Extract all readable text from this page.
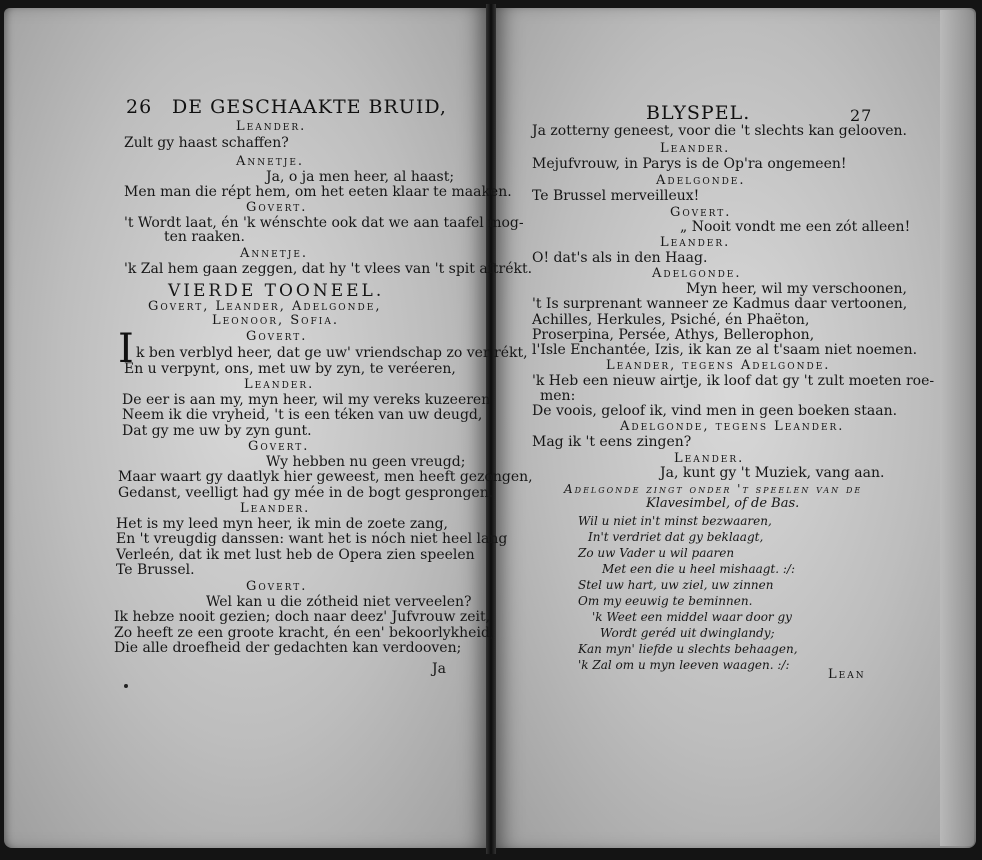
26 DE GESCHAAKTE BRUID,
Leander.
Zult gy haast schaffen?
Annetje.
Ja, o ja men heer, al haast;
Men man die répt hem, om het eeten klaar te maaken.
Govert.
't Wordt laat, én 'k wénschte ook dat we aan taafel mog-
ten raaken.
Annetje.
'k Zal hem gaan zeggen, dat hy 't vlees van 't spit aftrékt.
VIERDE TOONEEL.
Govert, Leander, Adelgonde,
Leonoor, Sofia.
Govert.
I k ben verblyd heer, dat ge uw' vriendschap zo ver rékt,
En u verpynt, ons, met uw by zyn, te veréeren,
Leander.
De eer is aan my, myn heer, wil my vereks kuzeeren
Neem ik die vryheid, 't is een téken van uw deugd,
Dat gy me uw by zyn gunt.
Govert.
Wy hebben nu geen vreugd;
Maar waart gy daatlyk hier geweest, men heeft gezongen,
Gedanst, veelligt had gy mée in de bogt gesprongen.
Leander.
Het is my leed myn heer, ik min de zoete zang,
En 't vreugdig danssen: want het is nóch niet heel lang
Verleén, dat ik met lust heb de Opera zien speelen
Te Brussel.
Govert.
Wel kan u die zótheid niet verveelen?
Ik hebze nooit gezien; doch naar deez' Jufvrouw zeit,
Zo heeft ze een groote kracht, én een' bekoorlykheid,
Die alle droefheid der gedachten kan verdooven;
Ja
BLYSPEL.	27
Ja zotterny geneest, voor die 't slechts kan gelooven.
Leander.
Mejufvrouw, in Parys is de Op'ra ongemeen!
Adelgonde.
Te Brussel merveilleux!
Govert.
„ Nooit vondt me een zót alleen!
Leander.
O! dat's als in den Haag.
Adelgonde.
Myn heer, wil my verschoonen,
't Is surprenant wanneer ze Kadmus daar vertoonen,
Achilles, Herkules, Psiché, én Phaëton,
Proserpina, Persée, Athys, Bellerophon,
l'Isle Enchantée, Izis, ik kan ze al t'saam niet noemen.
Leander, tegens Adelgonde.
'k Heb een nieuw airtje, ik loof dat gy 't zult moeten roe-
men:
De voois, geloof ik, vind men in geen boeken staan.
Adelgonde, tegens Leander.
Mag ik 't eens zingen?
Leander.
Ja, kunt gy 't Muziek, vang aan.
Adelgonde zingt onder 't speelen van de
Klavesimbel, of de Bas.
Wil u niet in't minst bezwaaren,
In't verdriet dat gy beklaagt,
Zo uw Vader u wil paaren
Met een die u heel mishaagt. :/:
Stel uw hart, uw ziel, uw zinnen
Om my eeuwig te beminnen.
'k Weet een middel waar door gy
Wordt geréd uit dwinglandy;
Kan myn' liefde u slechts behaagen,
'k Zal om u myn leeven waagen. :/:
Lean
